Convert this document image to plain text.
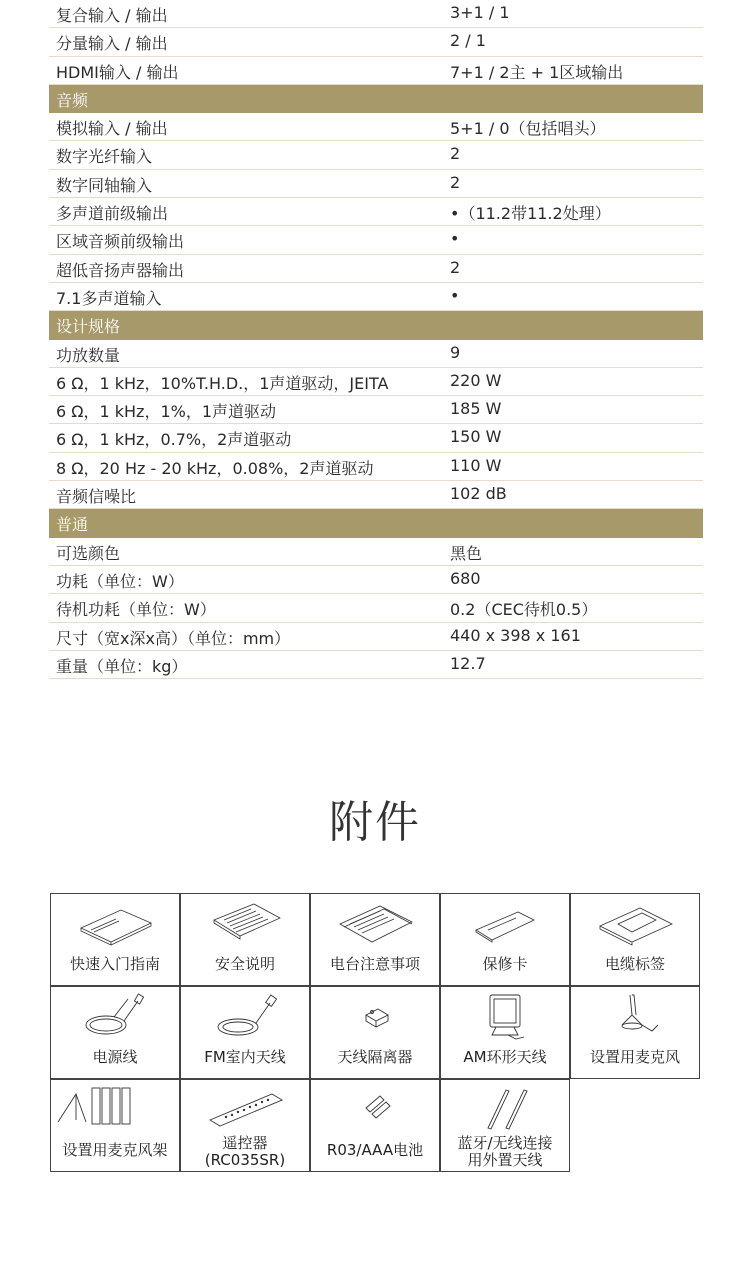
复合输入 / 输出	3+1 / 1
分量输入 / 输出	2 / 1
HDMI输入 / 输出	7+1 / 2主 + 1区域输出
音频
模拟输入 / 输出	5+1 / 0（包括唱头）
数字光纤输入	2
数字同轴输入	2
多声道前级输出	•（11.2带11.2处理）
区域音频前级输出	•
超低音扬声器输出	2
7.1多声道输入	•
设计规格
功放数量	9
6 Ω，1 kHz，10%T.H.D.，1声道驱动，JEITA	220 W
6 Ω，1 kHz，1%，1声道驱动	185 W
6 Ω，1 kHz，0.7%，2声道驱动	150 W
8 Ω，20 Hz - 20 kHz，0.08%，2声道驱动	110 W
音频信噪比	102 dB
普通
可选颜色	黑色
功耗（单位：W）	680
待机功耗（单位：W）	0.2（CEC待机0.5）
尺寸（宽x深x高）（单位：mm）	440 x 398 x 161
重量（单位：kg）	12.7
附件
快速入门指南	安全说明	电台注意事项	保修卡	电缆标签
电源线	FM室内天线	天线隔离器	AM环形天线	设置用麦克风
设置用麦克风架	遥控器
(RC035SR)
R03/AAA电池	蓝牙/无线连接
用外置天线
